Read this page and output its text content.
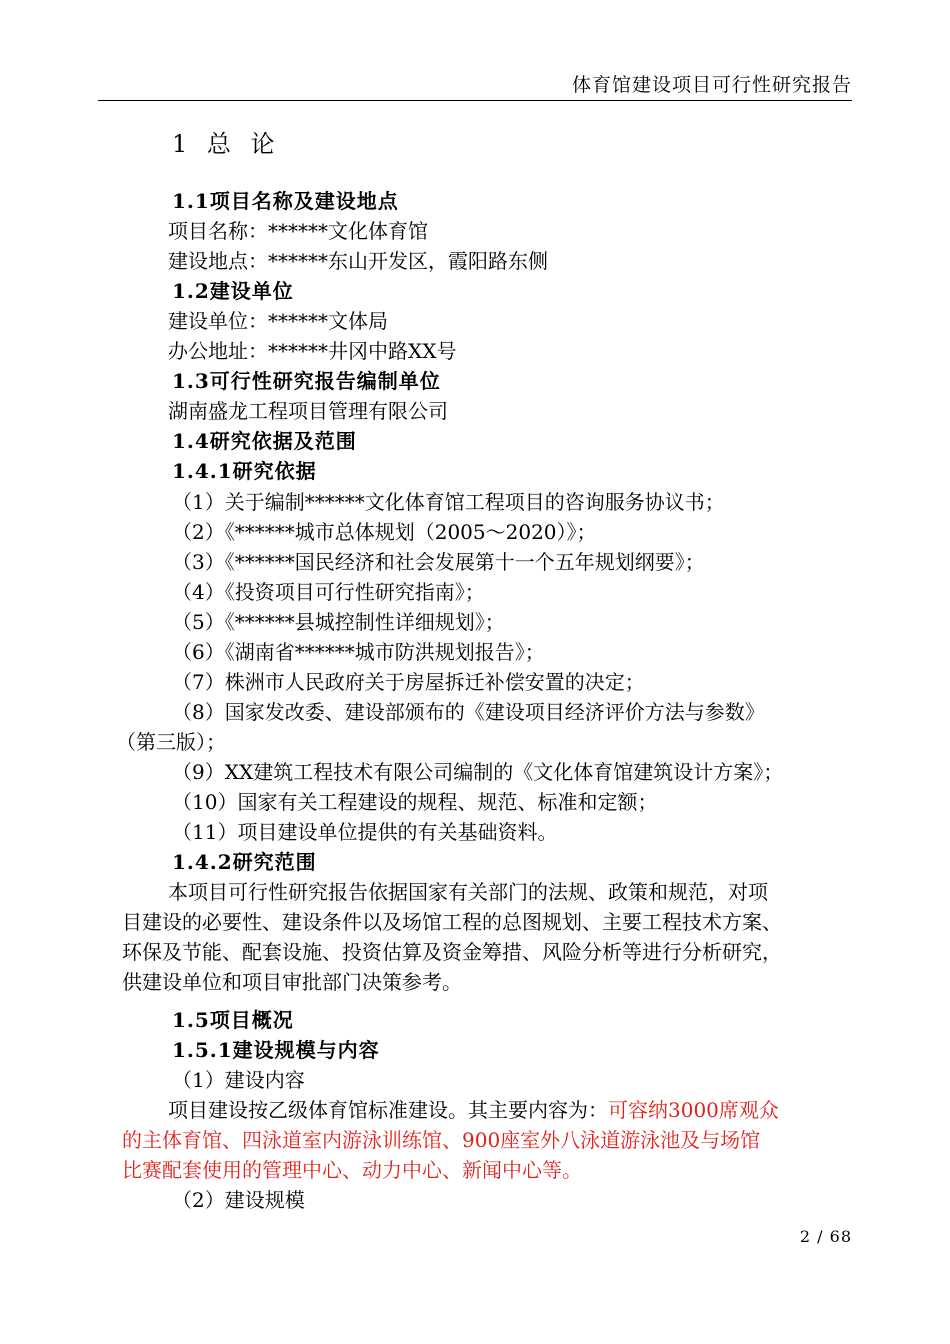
体育馆建设项目可行性研究报告
1 总 论
1.1项目名称及建设地点
项目名称：******文化体育馆
建设地点：******东山开发区，霞阳路东侧
1.2建设单位
建设单位：******文体局
办公地址：******井冈中路XX号
1.3可行性研究报告编制单位
湖南盛龙工程项目管理有限公司
1.4研究依据及范围
1.4.1研究依据
（1）关于编制******文化体育馆工程项目的咨询服务协议书；
（2）《******城市总体规划（2005～2020）》；
（3）《******国民经济和社会发展第十一个五年规划纲要》；
（4）《投资项目可行性研究指南》；
（5）《******县城控制性详细规划》；
（6）《湖南省******城市防洪规划报告》；
（7）株洲市人民政府关于房屋拆迁补偿安置的决定；
（8）国家发改委、建设部颁布的《建设项目经济评价方法与参数》
（第三版）；
（9）XX建筑工程技术有限公司编制的《文化体育馆建筑设计方案》；
（10）国家有关工程建设的规程、规范、标准和定额；
（11）项目建设单位提供的有关基础资料。
1.4.2研究范围
本项目可行性研究报告依据国家有关部门的法规、政策和规范，对项
目建设的必要性、建设条件以及场馆工程的总图规划、主要工程技术方案、
环保及节能、配套设施、投资估算及资金筹措、风险分析等进行分析研究，
供建设单位和项目审批部门决策参考。
1.5项目概况
1.5.1建设规模与内容
（1）建设内容
项目建设按乙级体育馆标准建设。其主要内容为：可容纳3000席观众
的主体育馆、四泳道室内游泳训练馆、900座室外八泳道游泳池及与场馆
比赛配套使用的管理中心、动力中心、新闻中心等。
（2）建设规模
2 / 68
